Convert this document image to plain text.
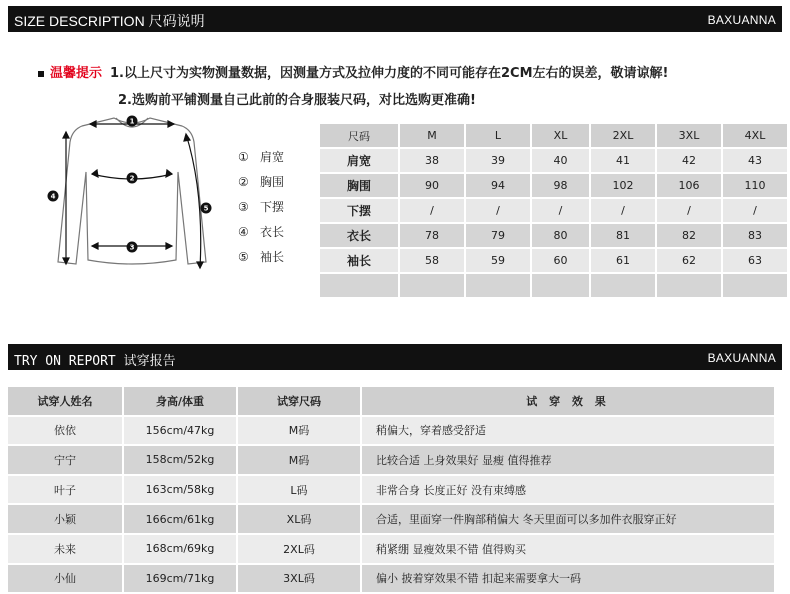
SIZE DESCRIPTION 尺码说明	BAXUANNA
温馨提示 1.以上尺寸为实物测量数据，因测量方式及拉伸力度的不同可能存在2CM左右的误差，敬请谅解!
2.选购前平铺测量自己此前的合身服装尺码，对比选购更准确!
1
2
3
4
5
① 肩宽
② 胸围
③ 下摆
④ 衣长
⑤ 袖长
尺码	M	L	XL	2XL	3XL	4XL
肩宽	38	39	40	41	42	43
胸围	90	94	98	102	106	110
下摆	/	/	/	/	/	/
衣长	78	79	80	81	82	83
袖长	58	59	60	61	62	63

TRY ON REPORT 试穿报告	BAXUANNA
试穿人姓名	身高/体重	试穿尺码	试 穿 效 果
依依	156cm/47kg	M码	稍偏大，穿着感受舒适
宁宁	158cm/52kg	M码	比较合适 上身效果好 显瘦 值得推荐
叶子	163cm/58kg	L码	非常合身 长度正好 没有束缚感
小颖	166cm/61kg	XL码	合适，里面穿一件胸部稍偏大 冬天里面可以多加件衣服穿正好
未来	168cm/69kg	2XL码	稍紧绷 显瘦效果不错 值得购买
小仙	169cm/71kg	3XL码	偏小 披着穿效果不错 扣起来需要拿大一码
